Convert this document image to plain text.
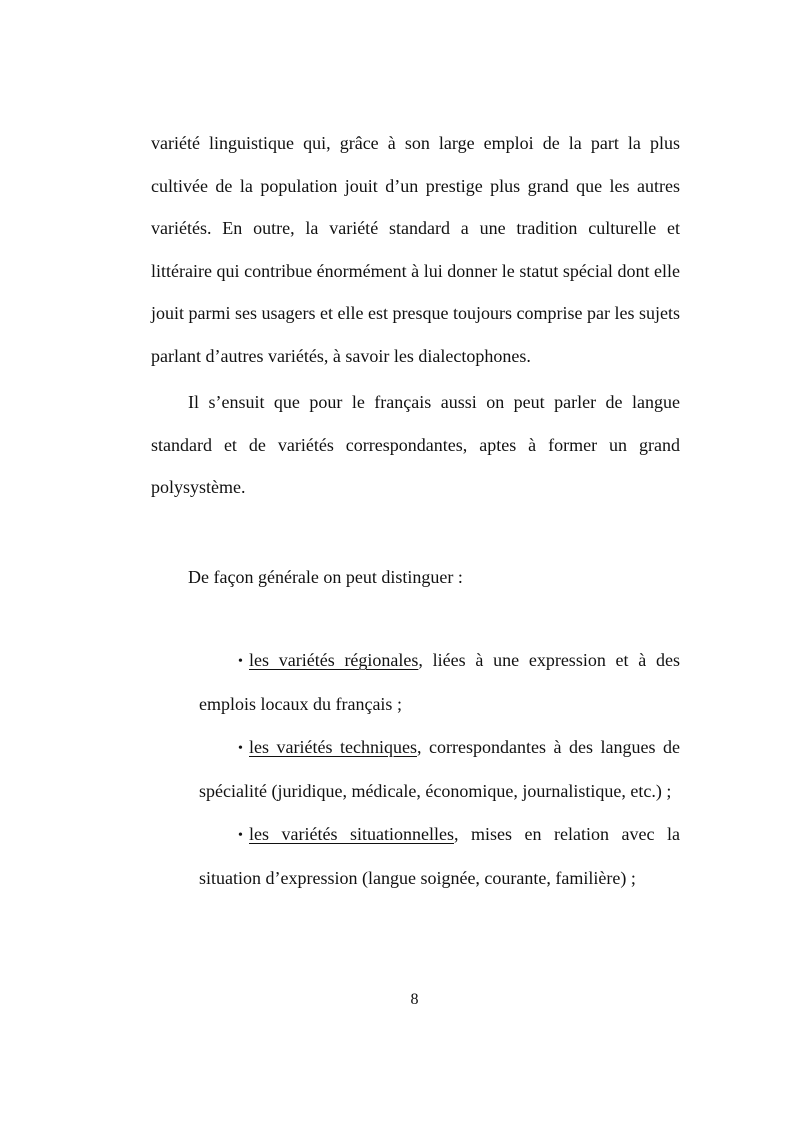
variété linguistique qui, grâce à son large emploi de la part la plus cultivée de la population jouit d’un prestige plus grand que les autres variétés. En outre, la variété standard a une tradition culturelle et littéraire qui contribue énormément à lui donner le statut spécial dont elle jouit parmi ses usagers et elle est presque toujours comprise par les sujets parlant d’autres variétés, à savoir les dialectophones.

Il s’ensuit que pour le français aussi on peut parler de langue standard et de variétés correspondantes, aptes à former un grand polysystème.

De façon générale on peut distinguer :

• les variétés régionales, liées à une expression et à des emplois locaux du français ;
• les variétés techniques, correspondantes à des langues de spécialité (juridique, médicale, économique, journalistique, etc.) ;
• les variétés situationnelles, mises en relation avec la situation d’expression (langue soignée, courante, familière) ;
8
